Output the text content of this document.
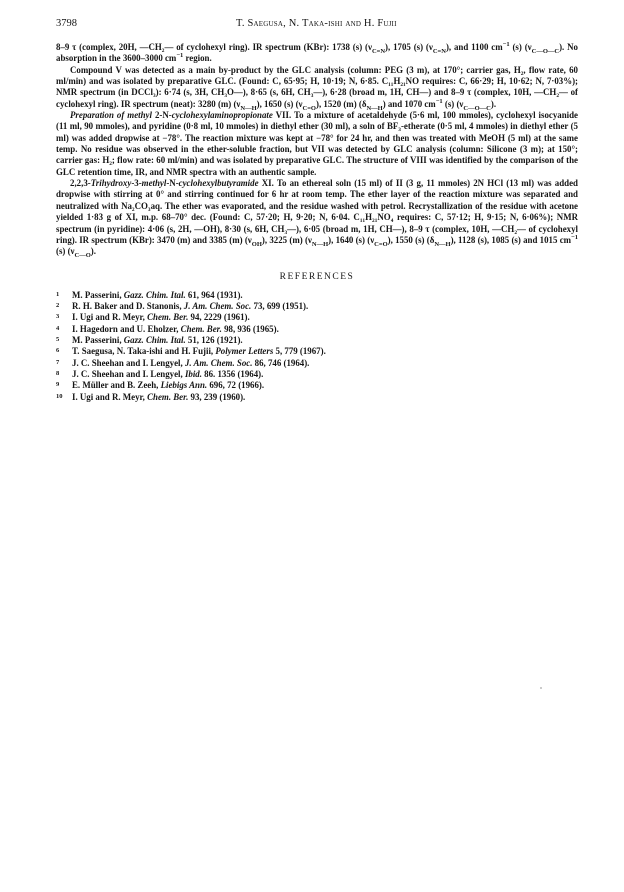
3798	T. Saegusa, N. Taka-ishi and H. Fujii

8–9 τ (complex, 20H, —CH₂— of cyclohexyl ring). IR spectrum (KBr): 1738 (s) $(\nu_{C=N})$, 1705 (s) $(\nu_{C=N})$, and 1100 $cm^{-1}$ (s) $(\nu_{C—O—C})$. No absorption in the 3600–3000 $cm^{-1}$ region.

Compound V was detected as a main by-product by the GLC analysis (column: PEG (3 m), at 170°; carrier gas, H₂, flow rate, 60 ml/min) and was isolated by preparative GLC. (Found: C, 65·95; H, 10·19; N, 6·85. C₁₁H₂₁NO requires: C, 66·29; H, 10·62; N, 7·03%); NMR spectrum (in DCCl₃): 6·74 (s, 3H, CH₃O—), 8·65 (s, 6H, CH₃—), 6·28 (broad m, 1H, CH—) and 8–9 τ (complex, 10H, —CH₂— of cyclohexyl ring). IR spectrum (neat): 3280 (m) $(\nu_{N—H})$, 1650 (s) $(\nu_{C=O})$, 1520 (m) $(\delta_{N—H})$ and 1070 $cm^{-1}$ (s) $(\nu_{C—O—C})$.

Preparation of methyl 2-N-cyclohexylaminopropionate VII. To a mixture of acetaldehyde (5·6 ml, 100 mmoles), cyclohexyl isocyanide (11 ml, 90 mmoles), and pyridine (0·8 ml, 10 mmoles) in diethyl ether (30 ml), a soln of BF₃-etherate (0·5 ml, 4 mmoles) in diethyl ether (5 ml) was added dropwise at −78°. The reaction mixture was kept at −78° for 24 hr, and then was treated with MeOH (5 ml) at the same temp. No residue was observed in the ether-soluble fraction, but VII was detected by GLC analysis (column: Silicone (3 m); at 150°; carrier gas: H₂; flow rate: 60 ml/min) and was isolated by preparative GLC. The structure of VIII was identified by the comparison of the GLC retention time, IR, and NMR spectra with an authentic sample.

2,2,3-Trihydroxy-3-methyl-N-cyclohexylbutyramide XI. To an ethereal soln (15 ml) of II (3 g, 11 mmoles) 2N HCl (13 ml) was added dropwise with stirring at 0° and stirring continued for 6 hr at room temp. The ether layer of the reaction mixture was separated and neutralized with Na₂CO₃aq. The ether was evaporated, and the residue washed with petrol. Recrystallization of the residue with acetone yielded 1·83 g of XI, m.p. 68–70° dec. (Found: C, 57·20; H, 9·20; N, 6·04. C₁₁H₂₁NO₄ requires: C, 57·12; H, 9·15; N, 6·06%); NMR spectrum (in pyridine): 4·06 (s, 2H, —OH), 8·30 (s, 6H, CH₃—), 6·05 (broad m, 1H, CH—), 8–9 τ (complex, 10H, —CH₂— of cyclohexyl ring). IR spectrum (KBr): 3470 (m) and 3385 (m) $(\nu_{OH})$, 3225 (m) $(\nu_{N—H})$, 1640 (s) $(\nu_{C=O})$, 1550 (s) $(\delta_{N—H})$, 1128 (s), 1085 (s) and 1015 $cm^{-1}$ (s) $(\nu_{C—O})$.

REFERENCES
1	M. Passerini, Gazz. Chim. Ital. 61, 964 (1931).
2	R. H. Baker and D. Stanonis, J. Am. Chem. Soc. 73, 699 (1951).
3	I. Ugi and R. Meyr, Chem. Ber. 94, 2229 (1961).
4	I. Hagedorn and U. Eholzer, Chem. Ber. 98, 936 (1965).
5	M. Passerini, Gazz. Chim. Ital. 51, 126 (1921).
6	T. Saegusa, N. Taka-ishi and H. Fujii, Polymer Letters 5, 779 (1967).
7	J. C. Sheehan and I. Lengyel, J. Am. Chem. Soc. 86, 746 (1964).
8	J. C. Sheehan and I. Lengyel, Ibid. 86. 1356 (1964).
9	E. Müller and B. Zeeh, Liebigs Ann. 696, 72 (1966).
10	I. Ugi and R. Meyr, Chem. Ber. 93, 239 (1960).
